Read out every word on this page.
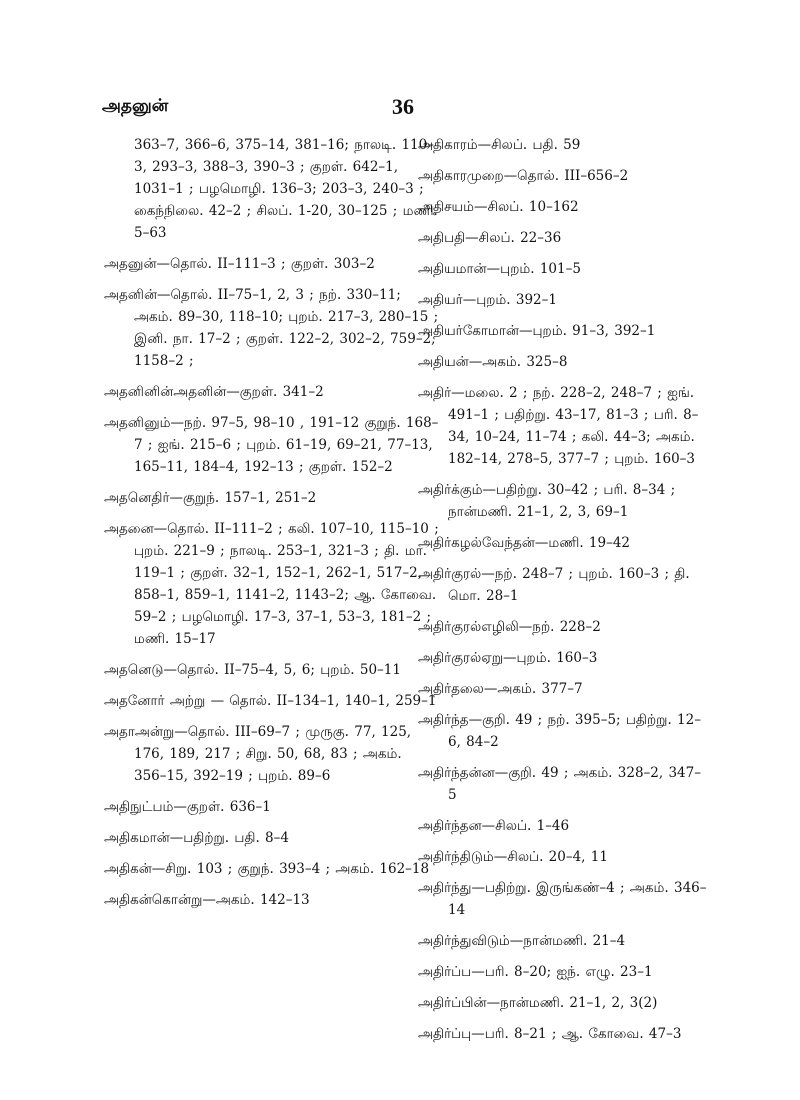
அதனுன்	36
363–7, 366–6, 375–14, 381–16; நாலடி. 110–3, 293–3, 388–3, 390–3 ; குறள். 642–1, 1031–1 ; பழமொழி. 136–3; 203–3, 240–3 ; கைந்நிலை. 42–2 ; சிலப். 1-20, 30–125 ; மணி. 5–63
அதனுன்—தொல். II–111–3 ; குறள். 303–2
அதனின்—தொல். II–75–1, 2, 3 ; நற். 330–11; அகம். 89–30, 118–10; புறம். 217–3, 280–15 ; இனி. நா. 17–2 ; குறள். 122–2, 302–2, 759–2, 1158–2 ;
அதனினின்அதனின்—குறள். 341–2
அதனினும்—நற். 97–5, 98–10 , 191–12 குறுந். 168–7 ; ஐங். 215–6 ; புறம். 61–19, 69–21, 77–13, 165–11, 184–4, 192–13 ; குறள். 152–2
அதனெதிர்—குறுந். 157–1, 251–2
அதனை—தொல். II–111–2 ; கலி. 107–10, 115–10 ; புறம். 221–9 ; நாலடி. 253–1, 321–3 ; தி. மா. 119–1 ; குறள். 32–1, 152–1, 262–1, 517–2, 858–1, 859–1, 1141–2, 1143–2; ஆ. கோவை. 59–2 ; பழமொழி. 17–3, 37–1, 53–3, 181–2 ; மணி. 15–17
அதனெடு—தொல். II–75–4, 5, 6; புறம். 50–11
அதனோர் அற்று — தொல். II–134–1, 140–1, 259–1
அதாஅன்று—தொல். III–69–7 ; முருகு. 77, 125, 176, 189, 217 ; சிறு. 50, 68, 83 ; அகம். 356–15, 392–19 ; புறம். 89–6
அதிநுட்பம்—குறள். 636–1
அதிகமான்—பதிற்று. பதி. 8–4
அதிகன்—சிறு. 103 ; குறுந். 393–4 ; அகம். 162–18
அதிகன்கொன்று—அகம். 142–13
அதிகாரம்—சிலப். பதி. 59
அதிகாரமுறை—தொல். III–656–2
அதிசயம்—சிலப். 10–162
அதிபதி—சிலப். 22–36
அதியமான்—புறம். 101–5
அதியர்—புறம். 392–1
அதியர்கோமான்—புறம். 91–3, 392–1
அதியன்—அகம். 325–8
அதிர்—மலை. 2 ; நற். 228–2, 248–7 ; ஐங். 491–1 ; பதிற்று. 43–17, 81–3 ; பரி. 8–34, 10–24, 11–74 ; கலி. 44–3; அகம். 182–14, 278–5, 377–7 ; புறம். 160–3
அதிர்க்கும்—பதிற்று. 30–42 ; பரி. 8–34 ; நான்மணி. 21–1, 2, 3, 69–1
அதிர்கழல்வேந்தன்—மணி. 19–42
அதிர்குரல்—நற். 248–7 ; புறம். 160–3 ; தி. மொ. 28–1
அதிர்குரல்எழிலி—நற். 228–2
அதிர்குரல்ஏறு—புறம். 160–3
அதிர்தலை—அகம். 377–7
அதிர்ந்த—குறி. 49 ; நற். 395–5; பதிற்று. 12–6, 84–2
அதிர்ந்தன்ன—குறி. 49 ; அகம். 328–2, 347–5
அதிர்ந்தன—சிலப். 1–46
அதிர்ந்திடும்—சிலப். 20–4, 11
அதிர்ந்து—பதிற்று. இருங்கண்–4 ; அகம். 346–14
அதிர்ந்துவிடும்—நான்மணி. 21–4
அதிர்ப்ப—பரி. 8–20; ஐந். எழு. 23–1
அதிர்ப்பின்—நான்மணி. 21–1, 2, 3(2)
அதிர்ப்பு—பரி. 8–21 ; ஆ. கோவை. 47–3
